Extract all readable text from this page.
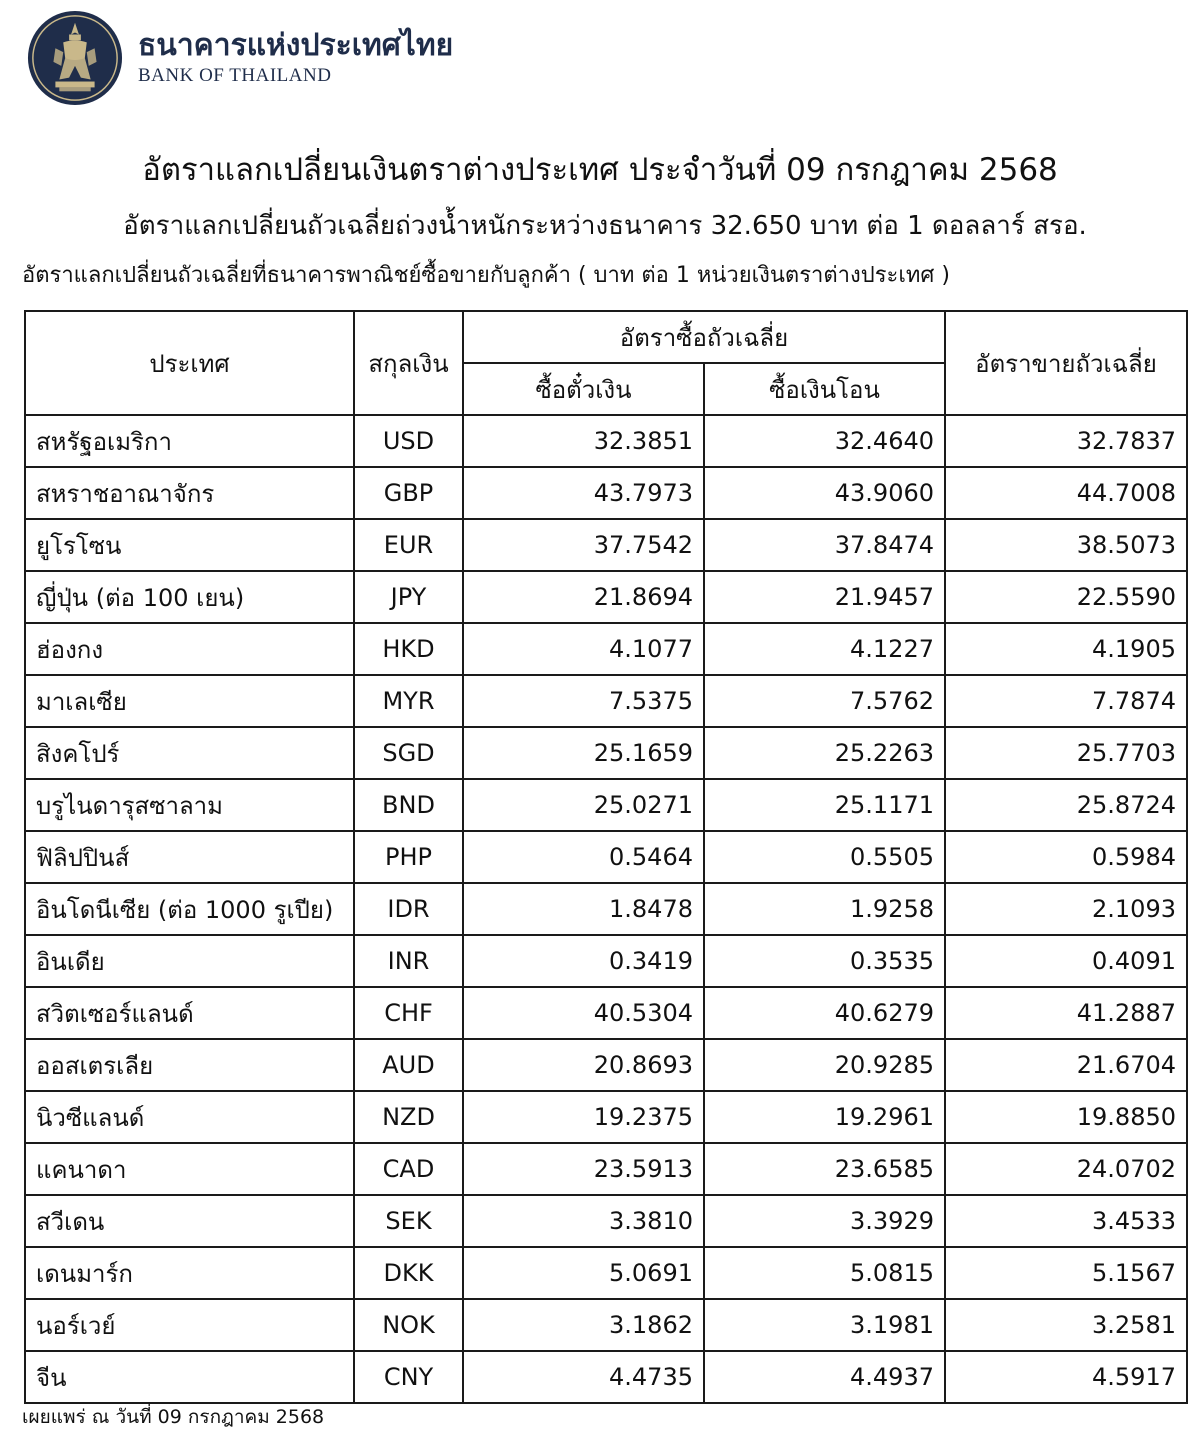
ธนาคารแห่งประเทศไทย
BANK OF THAILAND
อัตราแลกเปลี่ยนเงินตราต่างประเทศ ประจำวันที่ 09 กรกฎาคม 2568
อัตราแลกเปลี่ยนถัวเฉลี่ยถ่วงน้ำหนักระหว่างธนาคาร 32.650 บาท ต่อ 1 ดอลลาร์ สรอ.
อัตราแลกเปลี่ยนถัวเฉลี่ยที่ธนาคารพาณิชย์ซื้อขายกับลูกค้า ( บาท ต่อ 1 หน่วยเงินตราต่างประเทศ )
ประเทศ	สกุลเงิน	อัตราซื้อถัวเฉลี่ย		อัตราขายถัวเฉลี่ย
		ซื้อตั๋วเงิน	ซื้อเงินโอน	
สหรัฐอเมริกา	USD	32.3851	32.4640	32.7837
สหราชอาณาจักร	GBP	43.7973	43.9060	44.7008
ยูโรโซน	EUR	37.7542	37.8474	38.5073
ญี่ปุ่น (ต่อ 100 เยน)	JPY	21.8694	21.9457	22.5590
ฮ่องกง	HKD	4.1077	4.1227	4.1905
มาเลเซีย	MYR	7.5375	7.5762	7.7874
สิงคโปร์	SGD	25.1659	25.2263	25.7703
บรูไนดารุสซาลาม	BND	25.0271	25.1171	25.8724
ฟิลิปปินส์	PHP	0.5464	0.5505	0.5984
อินโดนีเซีย (ต่อ 1000 รูเปีย)	IDR	1.8478	1.9258	2.1093
อินเดีย	INR	0.3419	0.3535	0.4091
สวิตเซอร์แลนด์	CHF	40.5304	40.6279	41.2887
ออสเตรเลีย	AUD	20.8693	20.9285	21.6704
นิวซีแลนด์	NZD	19.2375	19.2961	19.8850
แคนาดา	CAD	23.5913	23.6585	24.0702
สวีเดน	SEK	3.3810	3.3929	3.4533
เดนมาร์ก	DKK	5.0691	5.0815	5.1567
นอร์เวย์	NOK	3.1862	3.1981	3.2581
จีน	CNY	4.4735	4.4937	4.5917
เผยแพร่ ณ วันที่ 09 กรกฎาคม 2568
